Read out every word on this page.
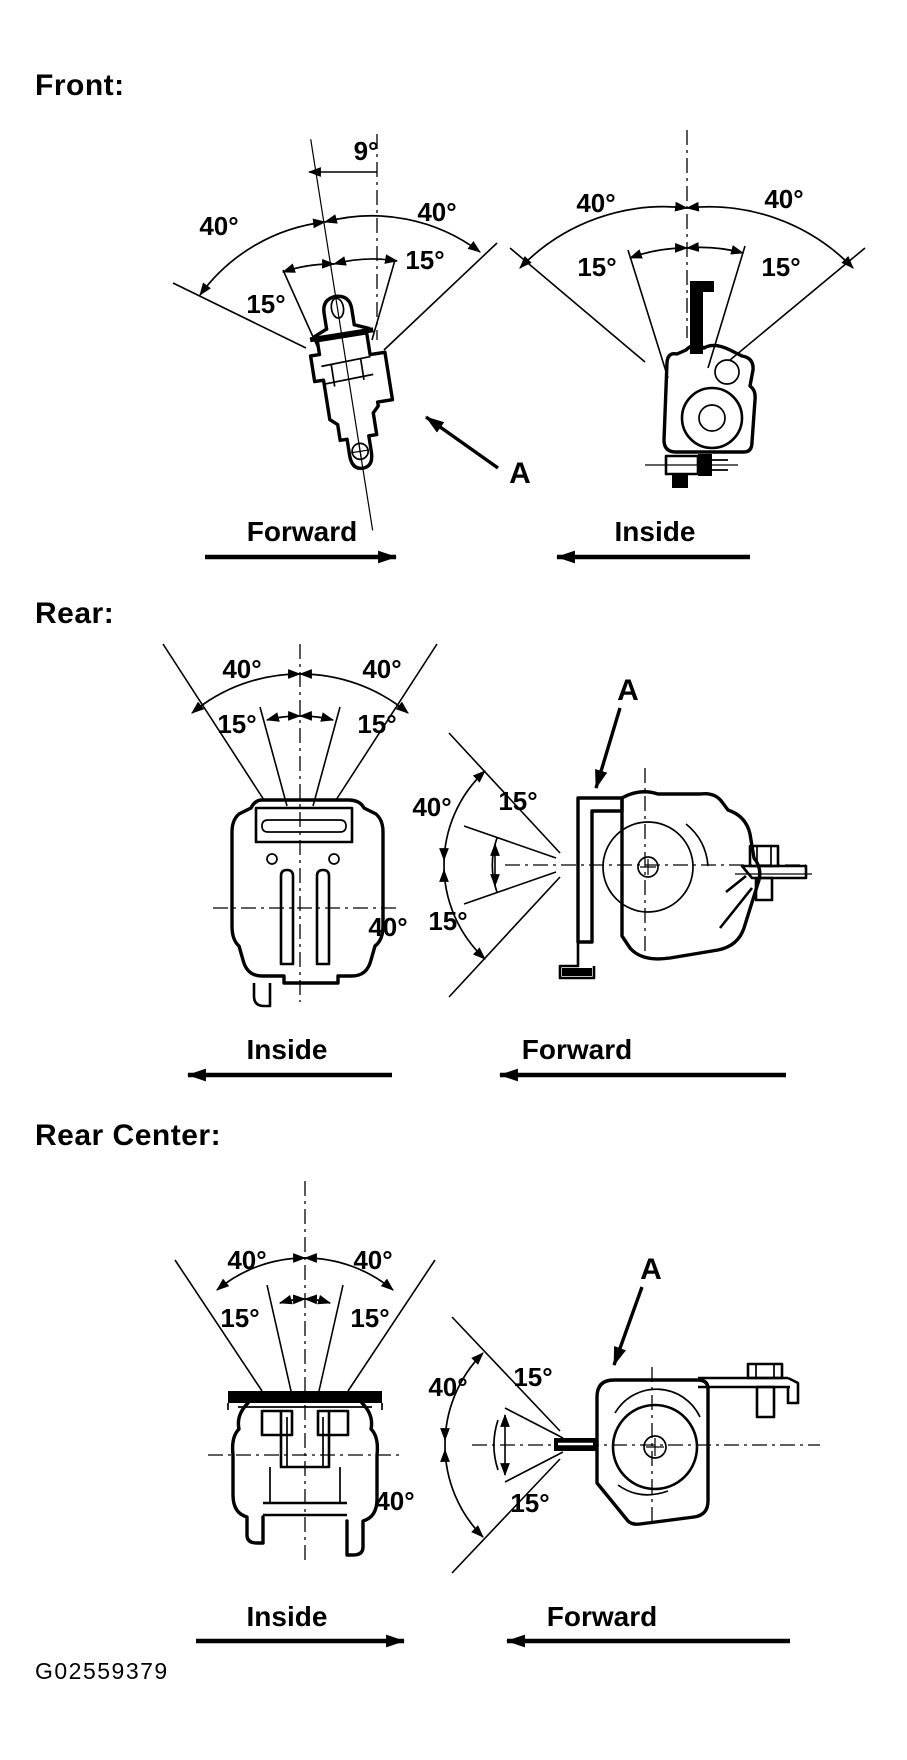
Front:
Rear:
Rear Center:
G02559379
9°
40°	40°
15°
15°
A
Forward
40°	40°
15°	15°
Inside
40°	40°
15°	15°
Inside
40° 15°
40° 15°
A
Forward
40°	40°
15°	15°
Inside
40° 15°
40°	15°
A
Forward
